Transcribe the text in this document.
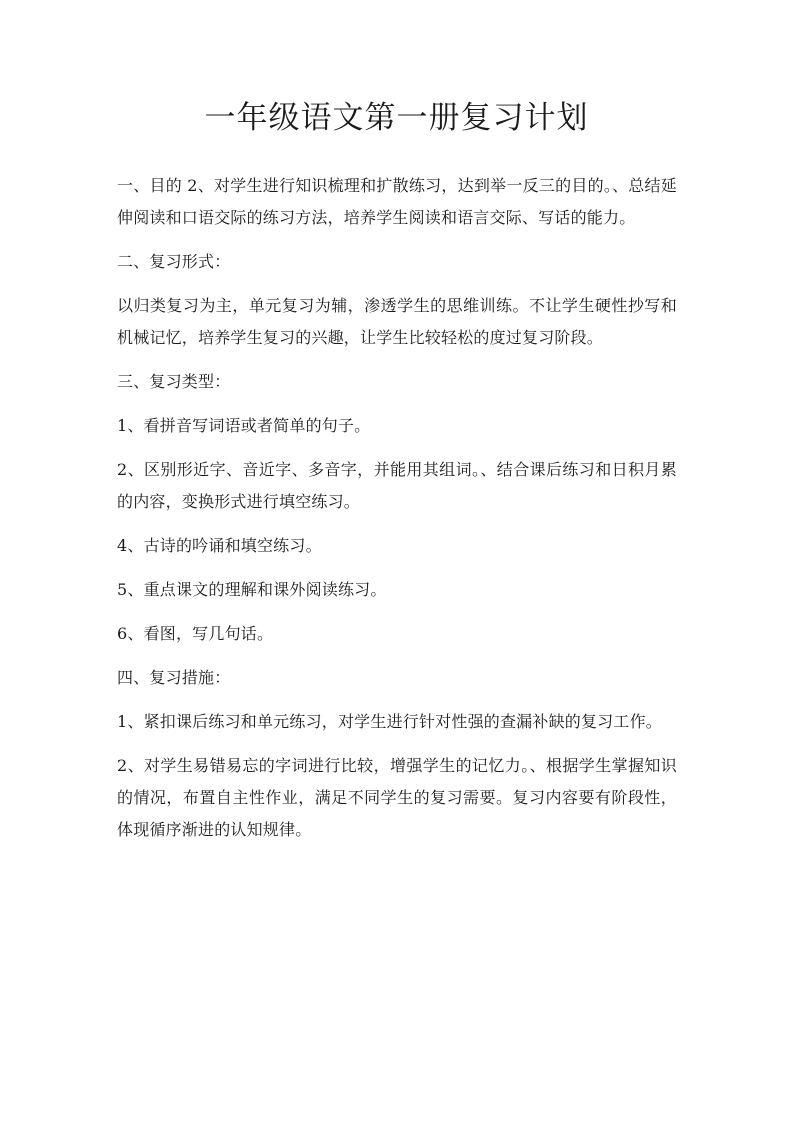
一年级语文第一册复习计划

一、目的 2、对学生进行知识梳理和扩散练习，达到举一反三的目的。、总结延伸阅读和口语交际的练习方法，培养学生阅读和语言交际、写话的能力。

二、复习形式：

以归类复习为主，单元复习为辅，渗透学生的思维训练。不让学生硬性抄写和机械记忆，培养学生复习的兴趣，让学生比较轻松的度过复习阶段。

三、复习类型：

1、看拼音写词语或者简单的句子。

2、区别形近字、音近字、多音字，并能用其组词。、结合课后练习和日积月累的内容，变换形式进行填空练习。

4、古诗的吟诵和填空练习。

5、重点课文的理解和课外阅读练习。

6、看图，写几句话。

四、复习措施：

1、紧扣课后练习和单元练习，对学生进行针对性强的查漏补缺的复习工作。

2、对学生易错易忘的字词进行比较，增强学生的记忆力。、根据学生掌握知识的情况，布置自主性作业，满足不同学生的复习需要。复习内容要有阶段性，体现循序渐进的认知规律。
